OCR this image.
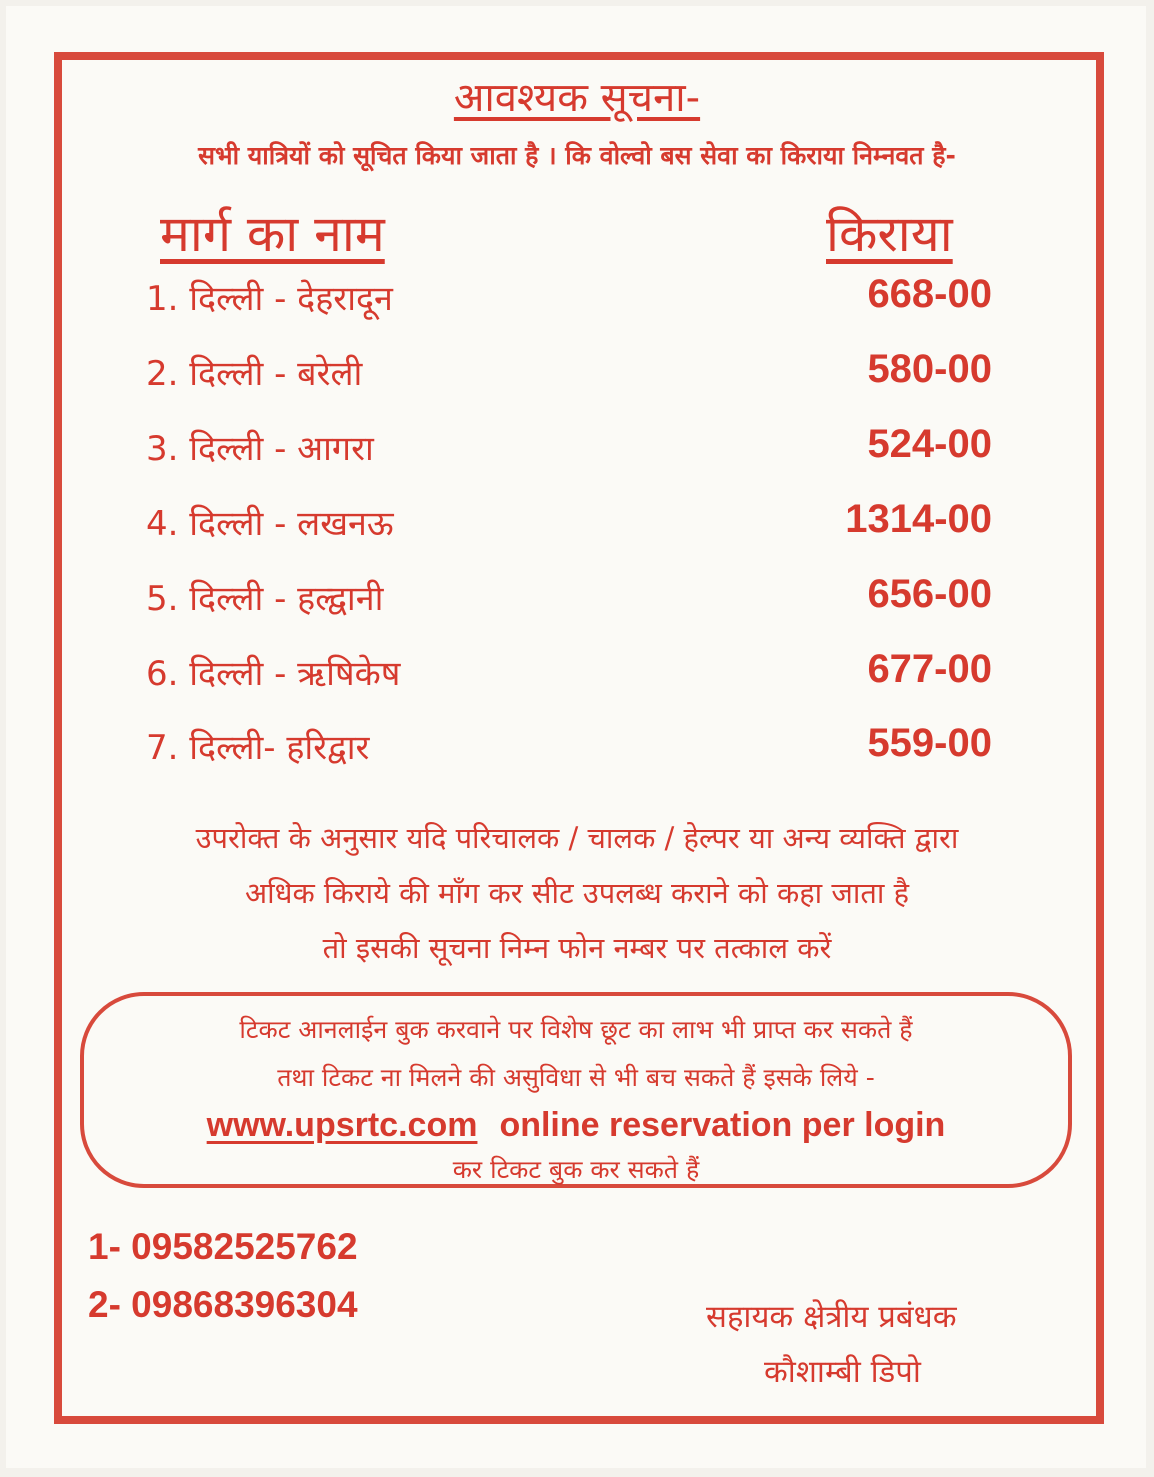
आवश्यक सूचना-
सभी यात्रियों को सूचित किया जाता है । कि वोल्वो बस सेवा का किराया निम्नवत है-
मार्ग का नाम	किराया
1. दिल्ली - देहरादून	668-00
2. दिल्ली - बरेली	580-00
3. दिल्ली - आगरा	524-00
4. दिल्ली - लखनऊ	1314-00
5. दिल्ली - हल्द्वानी	656-00
6. दिल्ली - ऋषिकेष	677-00
7. दिल्ली- हरिद्वार	559-00
उपरोक्त के अनुसार यदि परिचालक / चालक / हेल्पर या अन्य व्यक्ति द्वारा
अधिक किराये की माँग कर सीट उपलब्ध कराने को कहा जाता है
तो इसकी सूचना निम्न फोन नम्बर पर तत्काल करें
टिकट आनलाईन बुक करवाने पर विशेष छूट का लाभ भी प्राप्त कर सकते हैं
तथा टिकट ना मिलने की असुविधा से भी बच सकते हैं इसके लिये -
www.upsrtc.com online reservation per login
कर टिकट बुक कर सकते हैं
1- 09582525762
2- 09868396304	सहायक क्षेत्रीय प्रबंधक
कौशाम्बी डिपो
